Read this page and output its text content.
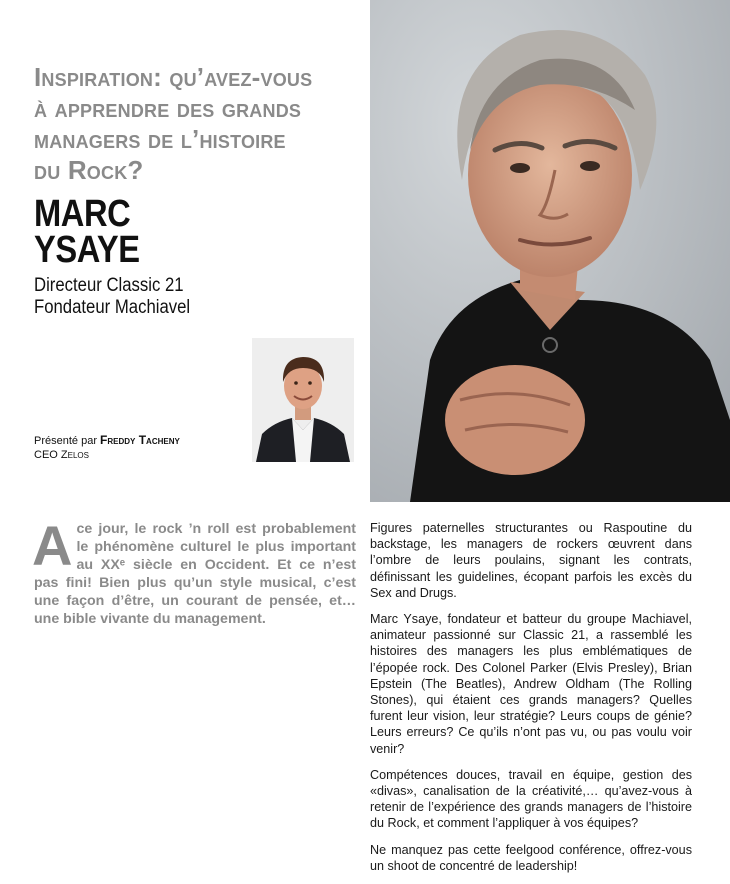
Inspiration: qu’avez-vous
à apprendre des grands
managers de l’histoire
du Rock?
MARC
YSAYE
Directeur Classic 21
Fondateur Machiavel
Présenté par Freddy Tacheny
CEO Zelos

A ce jour, le rock ’n roll est probablement le phénomène culturel le plus important au XXᵉ siècle en Occident. Et ce n’est pas fini! Bien plus qu’un style musical, c’est une façon d’être, un courant de pensée, et… une bible vivante du management.

Figures paternelles structurantes ou Raspoutine du backstage, les managers de rockers œuvrent dans l’ombre de leurs poulains, signant les contrats, définissant les guidelines, écopant parfois les excès du Sex and Drugs.

Marc Ysaye, fondateur et batteur du groupe Machiavel, animateur passionné sur Classic 21, a rassemblé les histoires des managers les plus emblématiques de l’épopée rock. Des Colonel Parker (Elvis Presley), Brian Epstein (The Beatles), Andrew Oldham (The Rolling Stones), qui étaient ces grands managers? Quelles furent leur vision, leur stratégie? Leurs coups de génie? Leurs erreurs? Ce qu’ils n’ont pas vu, ou pas voulu voir venir?

Compétences douces, travail en équipe, gestion des «divas», canalisation de la créativité,… qu’avez-vous à retenir de l’expérience des grands managers de l’histoire du Rock, et comment l’appliquer à vos équipes?

Ne manquez pas cette feelgood conférence, offrez-vous un shoot de concentré de leadership!
